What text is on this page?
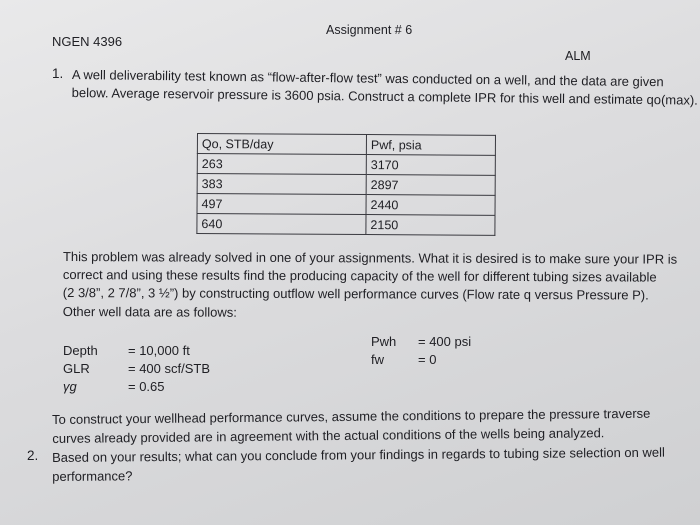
NGEN 4396
Assignment # 6
ALM
1. A well deliverability test known as “flow-after-flow test” was conducted on a well, and the data are given
below. Average reservoir pressure is 3600 psia. Construct a complete IPR for this well and estimate qo(max).
Qo, STB/day	Pwf, psia
263	3170
383	2897
497	2440
640	2150
This problem was already solved in one of your assignments. What it is desired is to make sure your IPR is
correct and using these results find the producing capacity of the well for different tubing sizes available
(2 3/8”, 2 7/8”, 3 ½”) by constructing outflow well performance curves (Flow rate q versus Pressure P).
Other well data are as follows:
Depth = 10,000 ft
GLR	= 400 scf/STB
γg	= 0.65
Pwh = 400 psi
fw	= 0
To construct your wellhead performance curves, assume the conditions to prepare the pressure traverse
curves already provided are in agreement with the actual conditions of the wells being analyzed.
2. Based on your results; what can you conclude from your findings in regards to tubing size selection on well
performance?
